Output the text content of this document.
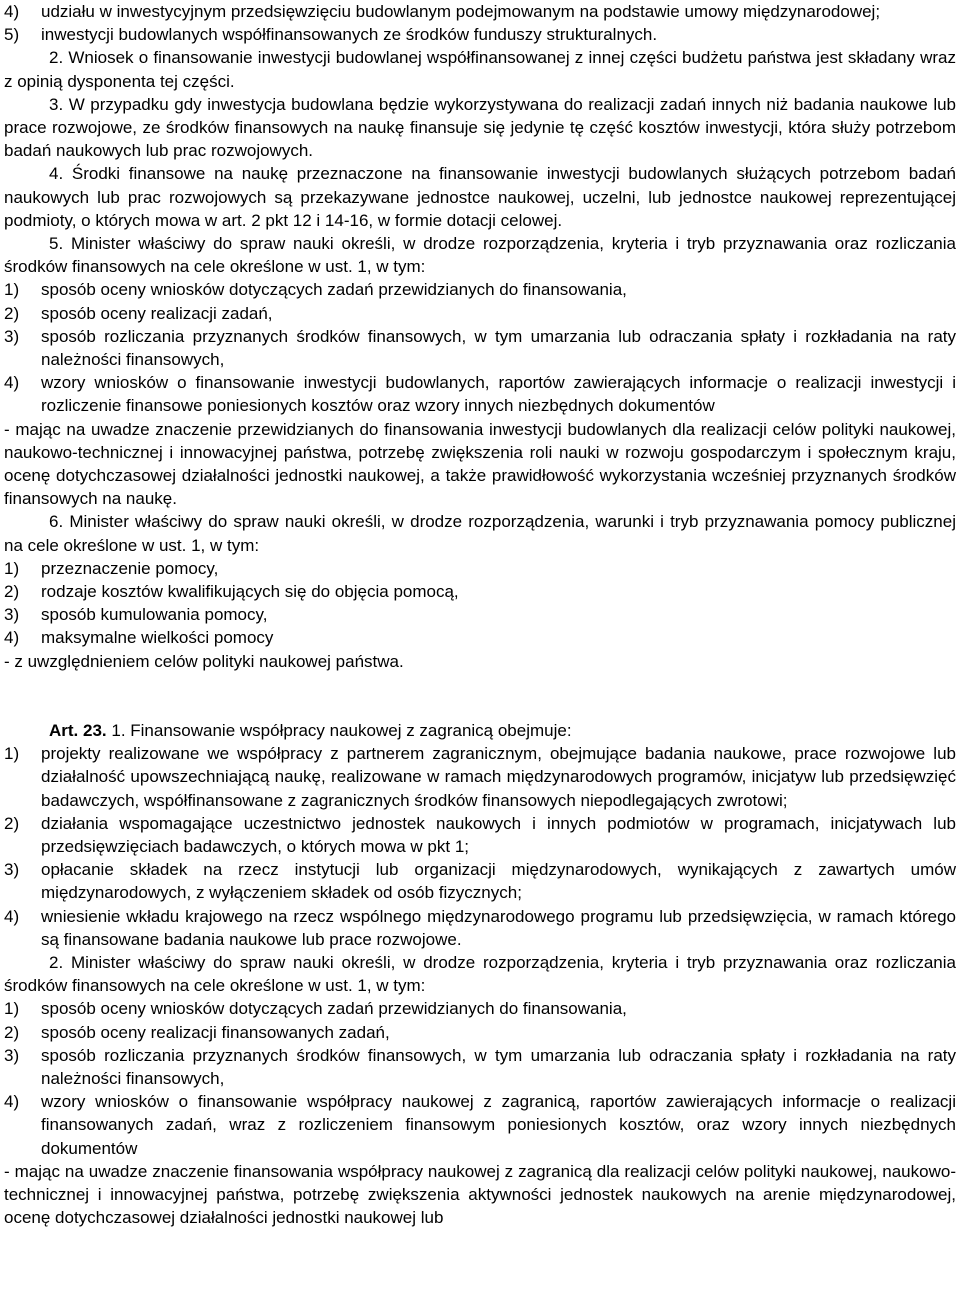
4) udziału w inwestycyjnym przedsięwzięciu budowlanym podejmowanym na podstawie umowy międzynarodowej;

5) inwestycji budowlanych współfinansowanych ze środków funduszy strukturalnych.

2. Wniosek o finansowanie inwestycji budowlanej współfinansowanej z innej części budżetu państwa jest składany wraz z opinią dysponenta tej części.

3. W przypadku gdy inwestycja budowlana będzie wykorzystywana do realizacji zadań innych niż badania naukowe lub prace rozwojowe, ze środków finansowych na naukę finansuje się jedynie tę część kosztów inwestycji, która służy potrzebom badań naukowych lub prac rozwojowych.

4. Środki finansowe na naukę przeznaczone na finansowanie inwestycji budowlanych służących potrzebom badań naukowych lub prac rozwojowych są przekazywane jednostce naukowej, uczelni, lub jednostce naukowej reprezentującej podmioty, o których mowa w art. 2 pkt 12 i 14-16, w formie dotacji celowej.

5. Minister właściwy do spraw nauki określi, w drodze rozporządzenia, kryteria i tryb przyznawania oraz rozliczania środków finansowych na cele określone w ust. 1, w tym:

1) sposób oceny wniosków dotyczących zadań przewidzianych do finansowania,

2) sposób oceny realizacji zadań,

3) sposób rozliczania przyznanych środków finansowych, w tym umarzania lub odraczania spłaty i rozkładania na raty należności finansowych,

4) wzory wniosków o finansowanie inwestycji budowlanych, raportów zawierających informacje o realizacji inwestycji i rozliczenie finansowe poniesionych kosztów oraz wzory innych niezbędnych dokumentów

- mając na uwadze znaczenie przewidzianych do finansowania inwestycji budowlanych dla realizacji celów polityki naukowej, naukowo-technicznej i innowacyjnej państwa, potrzebę zwiększenia roli nauki w rozwoju gospodarczym i społecznym kraju, ocenę dotychczasowej działalności jednostki naukowej, a także prawidłowość wykorzystania wcześniej przyznanych środków finansowych na naukę.

6. Minister właściwy do spraw nauki określi, w drodze rozporządzenia, warunki i tryb przyznawania pomocy publicznej na cele określone w ust. 1, w tym:

1) przeznaczenie pomocy,

2) rodzaje kosztów kwalifikujących się do objęcia pomocą,

3) sposób kumulowania pomocy,

4) maksymalne wielkości pomocy

- z uwzględnieniem celów polityki naukowej państwa.

Art. 23. 1. Finansowanie współpracy naukowej z zagranicą obejmuje:

1) projekty realizowane we współpracy z partnerem zagranicznym, obejmujące badania naukowe, prace rozwojowe lub działalność upowszechniającą naukę, realizowane w ramach międzynarodowych programów, inicjatyw lub przedsięwzięć badawczych, współfinansowane z zagranicznych środków finansowych niepodlegających zwrotowi;

2) działania wspomagające uczestnictwo jednostek naukowych i innych podmiotów w programach, inicjatywach lub przedsięwzięciach badawczych, o których mowa w pkt 1;

3) opłacanie składek na rzecz instytucji lub organizacji międzynarodowych, wynikających z zawartych umów międzynarodowych, z wyłączeniem składek od osób fizycznych;

4) wniesienie wkładu krajowego na rzecz wspólnego międzynarodowego programu lub przedsięwzięcia, w ramach którego są finansowane badania naukowe lub prace rozwojowe.

2. Minister właściwy do spraw nauki określi, w drodze rozporządzenia, kryteria i tryb przyznawania oraz rozliczania środków finansowych na cele określone w ust. 1, w tym:

1) sposób oceny wniosków dotyczących zadań przewidzianych do finansowania,

2) sposób oceny realizacji finansowanych zadań,

3) sposób rozliczania przyznanych środków finansowych, w tym umarzania lub odraczania spłaty i rozkładania na raty należności finansowych,

4) wzory wniosków o finansowanie współpracy naukowej z zagranicą, raportów zawierających informacje o realizacji finansowanych zadań, wraz z rozliczeniem finansowym poniesionych kosztów, oraz wzory innych niezbędnych dokumentów

- mając na uwadze znaczenie finansowania współpracy naukowej z zagranicą dla realizacji celów polityki naukowej, naukowo-technicznej i innowacyjnej państwa, potrzebę zwiększenia aktywności jednostek naukowych na arenie międzynarodowej, ocenę dotychczasowej działalności jednostki naukowej lub
